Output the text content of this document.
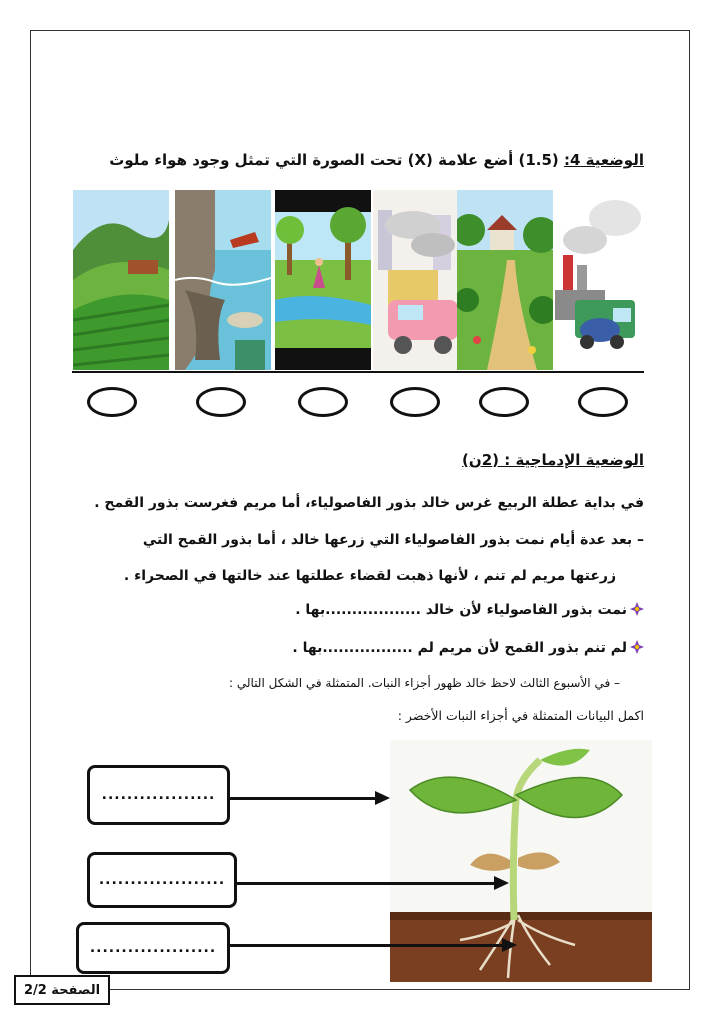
الوضعية 4: (1.5) أضع علامة (X) تحت الصورة التي تمثل وجود هواء ملوث
الوضعية الإدماجية : (2ن)
في بداية عطلة الربيع غرس خالد بذور الفاصولياء، أما مريم فغرست بذور القمح .
– بعد عدة أيام نمت بذور الفاصولياء التي زرعها خالد ، أما بذور القمح التي
زرعتها مريم لم تنم ، لأنها ذهبت لقضاء عطلتها عند خالتها في الصحراء .
نمت بذور الفاصولياء لأن خالد ..................بها .
لم تنم بذور القمح لأن مريم لم .................بها .
– في الأسبوع الثالث لاحظ خالد ظهور أجزاء النبات. المتمثلة في الشكل التالي :
اكمل البيانات المتمثلة في أجزاء النبات الأخضر :
..................
....................
....................
الصفحة 2/2
